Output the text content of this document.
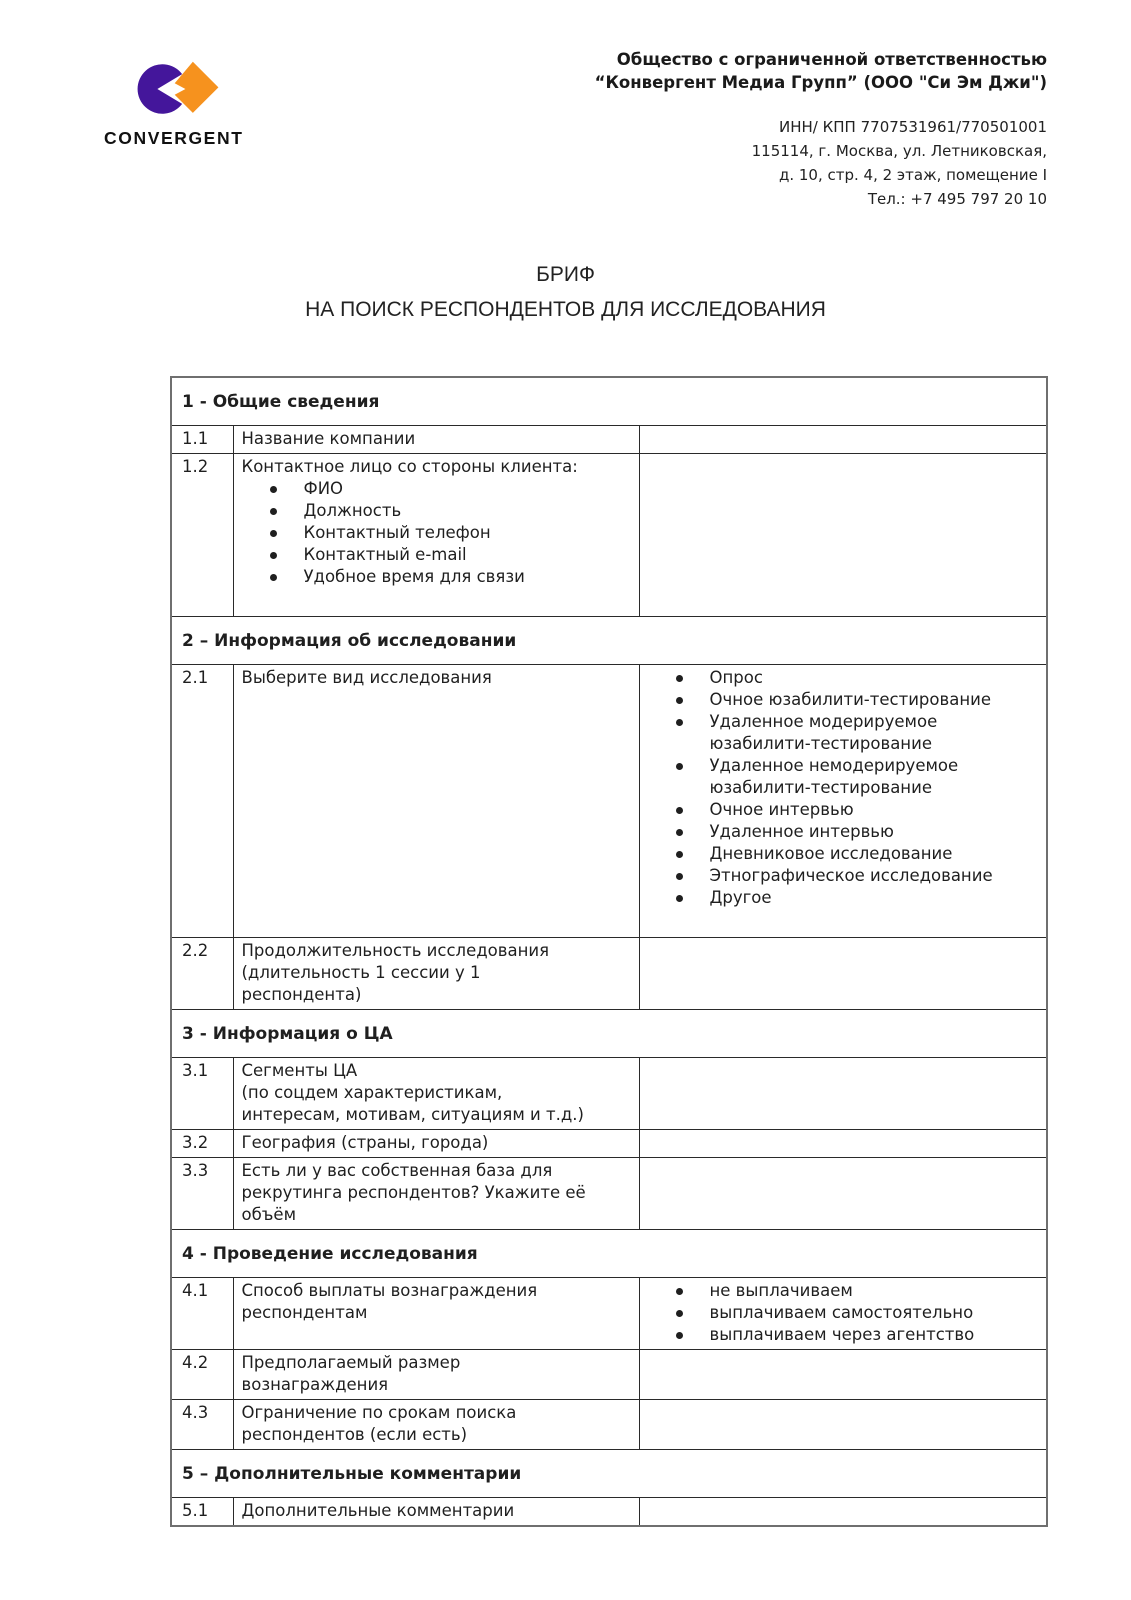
CONVERGENT
Общество с ограниченной ответственностью
“Конвергент Медиа Групп” (ООО "Си Эм Джи")
ИНН/ КПП 7707531961/770501001
115114, г. Москва, ул. Летниковская,
д. 10, стр. 4, 2 этаж, помещение I
Тел.: +7 495 797 20 10
БРИФ
НА ПОИСК РЕСПОНДЕНТОВ ДЛЯ ИССЛЕДОВАНИЯ
1 - Общие сведения		
1.1	Название компании	

1.2	Контактное лицо со стороны клиента:
ФИО
Должность
Контактный телефон
Контактный e-mail
Удобное время для связи

2 – Информация об исследовании		
2.1	Выберите вид исследования	Опрос
Очное юзабилити-тестирование
Удаленное модерируемое юзабилити-тестирование
Удаленное немодерируемое юзабилити-тестирование
Очное интервью
Удаленное интервью
Дневниковое исследование
Этнографическое исследование
Другое

2.2	Продолжительность исследования
(длительность 1 сессии у 1
респондента)	

3 - Информация о ЦА		
3.1	Сегменты ЦА
(по соцдем характеристикам,
интересам, мотивам, ситуациям и т.д.)	

3.2	География (страны, города)	

3.3	Есть ли у вас собственная база для
рекрутинга респондентов? Укажите её
объём	

4 - Проведение исследования		
4.1	Способ выплаты вознаграждения
респондентам

не выплачиваем
выплачиваем самостоятельно
выплачиваем через агентство

4.2	Предполагаемый размер
вознаграждения	

4.3	Ограничение по срокам поиска
респондентов (если есть)	

5 – Дополнительные комментарии		
5.1	Дополнительные комментарии	
